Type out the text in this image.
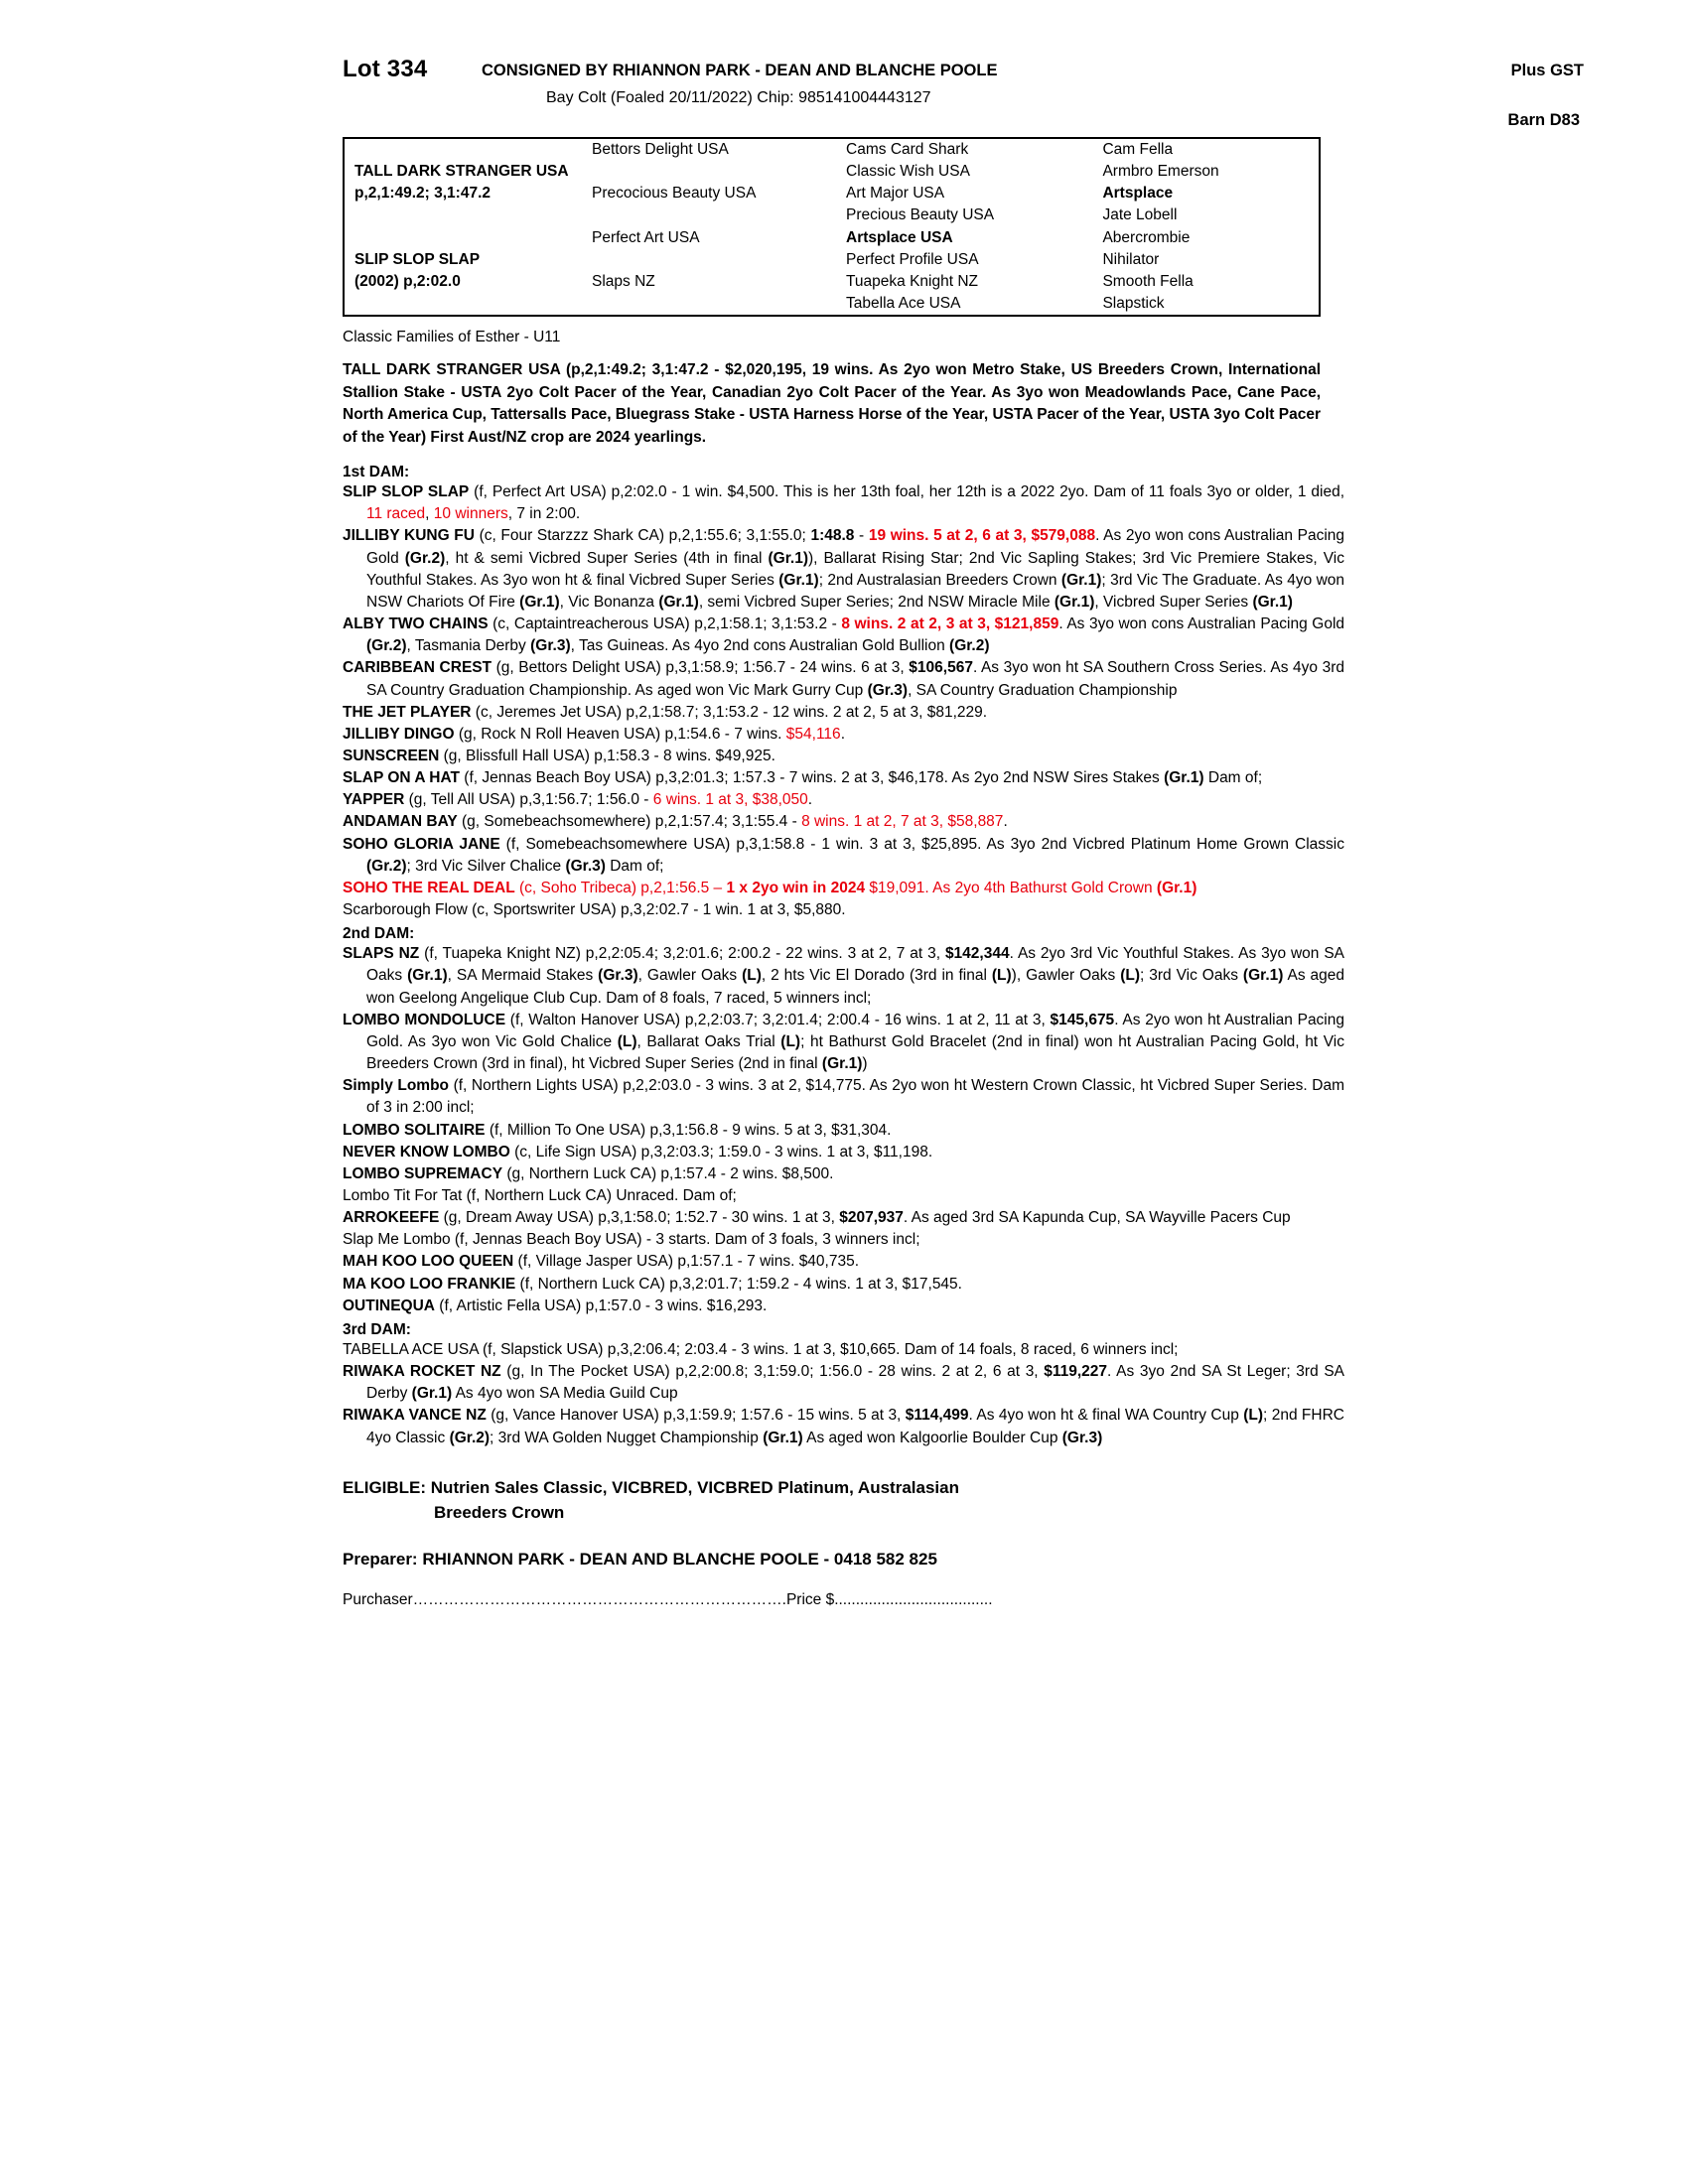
Lot 334	CONSIGNED BY RHIANNON PARK - DEAN AND BLANCHE POOLE	Plus GST
Bay Colt (Foaled 20/11/2022) Chip: 985141004443127
Barn D83
	Bettors Delight USA	Cams Card Shark	Cam Fella
TALL DARK STRANGER USA		Classic Wish USA	Armbro Emerson
p,2,1:49.2; 3,1:47.2	Precocious Beauty USA	Art Major USA	Artsplace
		Precious Beauty USA	Jate Lobell
	Perfect Art USA	Artsplace USA	Abercrombie
SLIP SLOP SLAP		Perfect Profile USA	Nihilator
(2002) p,2:02.0	Slaps NZ	Tuapeka Knight NZ	Smooth Fella
		Tabella Ace USA	Slapstick
Classic Families of Esther - U11
TALL DARK STRANGER USA (p,2,1:49.2; 3,1:47.2 - $2,020,195, 19 wins. As 2yo won Metro Stake, US Breeders Crown, International Stallion Stake - USTA 2yo Colt Pacer of the Year, Canadian 2yo Colt Pacer of the Year. As 3yo won Meadowlands Pace, Cane Pace, North America Cup, Tattersalls Pace, Bluegrass Stake - USTA Harness Horse of the Year, USTA Pacer of the Year, USTA 3yo Colt Pacer of the Year) First Aust/NZ crop are 2024 yearlings.
1st DAM:

SLIP SLOP SLAP (f, Perfect Art USA) p,2:02.0 - 1 win. $4,500. This is her 13th foal, her 12th is a 2022 2yo. Dam of 11 foals 3yo or older, 1 died, 11 raced, 10 winners, 7 in 2:00.

JILLIBY KUNG FU (c, Four Starzzz Shark CA) p,2,1:55.6; 3,1:55.0; 1:48.8 - 19 wins. 5 at 2, 6 at 3, $579,088. As 2yo won cons Australian Pacing Gold (Gr.2), ht & semi Vicbred Super Series (4th in final (Gr.1)), Ballarat Rising Star; 2nd Vic Sapling Stakes; 3rd Vic Premiere Stakes, Vic Youthful Stakes. As 3yo won ht & final Vicbred Super Series (Gr.1); 2nd Australasian Breeders Crown (Gr.1); 3rd Vic The Graduate. As 4yo won NSW Chariots Of Fire (Gr.1), Vic Bonanza (Gr.1), semi Vicbred Super Series; 2nd NSW Miracle Mile (Gr.1), Vicbred Super Series (Gr.1)

ALBY TWO CHAINS (c, Captaintreacherous USA) p,2,1:58.1; 3,1:53.2 - 8 wins. 2 at 2, 3 at 3, $121,859. As 3yo won cons Australian Pacing Gold (Gr.2), Tasmania Derby (Gr.3), Tas Guineas. As 4yo 2nd cons Australian Gold Bullion (Gr.2)

CARIBBEAN CREST (g, Bettors Delight USA) p,3,1:58.9; 1:56.7 - 24 wins. 6 at 3, $106,567. As 3yo won ht SA Southern Cross Series. As 4yo 3rd SA Country Graduation Championship. As aged won Vic Mark Gurry Cup (Gr.3), SA Country Graduation Championship

THE JET PLAYER (c, Jeremes Jet USA) p,2,1:58.7; 3,1:53.2 - 12 wins. 2 at 2, 5 at 3, $81,229.

JILLIBY DINGO (g, Rock N Roll Heaven USA) p,1:54.6 - 7 wins. $54,116.

SUNSCREEN (g, Blissfull Hall USA) p,1:58.3 - 8 wins. $49,925.

SLAP ON A HAT (f, Jennas Beach Boy USA) p,3,2:01.3; 1:57.3 - 7 wins. 2 at 3, $46,178. As 2yo 2nd NSW Sires Stakes (Gr.1) Dam of;

YAPPER (g, Tell All USA) p,3,1:56.7; 1:56.0 - 6 wins. 1 at 3, $38,050.

ANDAMAN BAY (g, Somebeachsomewhere) p,2,1:57.4; 3,1:55.4 - 8 wins. 1 at 2, 7 at 3, $58,887.

SOHO GLORIA JANE (f, Somebeachsomewhere USA) p,3,1:58.8 - 1 win. 3 at 3, $25,895. As 3yo 2nd Vicbred Platinum Home Grown Classic (Gr.2); 3rd Vic Silver Chalice (Gr.3) Dam of;

SOHO THE REAL DEAL (c, Soho Tribeca) p,2,1:56.5 – 1 x 2yo win in 2024 $19,091. As 2yo 4th Bathurst Gold Crown (Gr.1)

Scarborough Flow (c, Sportswriter USA) p,3,2:02.7 - 1 win. 1 at 3, $5,880.

2nd DAM:

SLAPS NZ (f, Tuapeka Knight NZ) p,2,2:05.4; 3,2:01.6; 2:00.2 - 22 wins. 3 at 2, 7 at 3, $142,344. As 2yo 3rd Vic Youthful Stakes. As 3yo won SA Oaks (Gr.1), SA Mermaid Stakes (Gr.3), Gawler Oaks (L), 2 hts Vic El Dorado (3rd in final (L)), Gawler Oaks (L); 3rd Vic Oaks (Gr.1) As aged won Geelong Angelique Club Cup. Dam of 8 foals, 7 raced, 5 winners incl;

LOMBO MONDOLUCE (f, Walton Hanover USA) p,2,2:03.7; 3,2:01.4; 2:00.4 - 16 wins. 1 at 2, 11 at 3, $145,675. As 2yo won ht Australian Pacing Gold. As 3yo won Vic Gold Chalice (L), Ballarat Oaks Trial (L); ht Bathurst Gold Bracelet (2nd in final) won ht Australian Pacing Gold, ht Vic Breeders Crown (3rd in final), ht Vicbred Super Series (2nd in final (Gr.1))

Simply Lombo (f, Northern Lights USA) p,2,2:03.0 - 3 wins. 3 at 2, $14,775. As 2yo won ht Western Crown Classic, ht Vicbred Super Series. Dam of 3 in 2:00 incl;

LOMBO SOLITAIRE (f, Million To One USA) p,3,1:56.8 - 9 wins. 5 at 3, $31,304.

NEVER KNOW LOMBO (c, Life Sign USA) p,3,2:03.3; 1:59.0 - 3 wins. 1 at 3, $11,198.

LOMBO SUPREMACY (g, Northern Luck CA) p,1:57.4 - 2 wins. $8,500.

Lombo Tit For Tat (f, Northern Luck CA) Unraced. Dam of;

ARROKEEFE (g, Dream Away USA) p,3,1:58.0; 1:52.7 - 30 wins. 1 at 3, $207,937. As aged 3rd SA Kapunda Cup, SA Wayville Pacers Cup

Slap Me Lombo (f, Jennas Beach Boy USA) - 3 starts. Dam of 3 foals, 3 winners incl;

MAH KOO LOO QUEEN (f, Village Jasper USA) p,1:57.1 - 7 wins. $40,735.

MA KOO LOO FRANKIE (f, Northern Luck CA) p,3,2:01.7; 1:59.2 - 4 wins. 1 at 3, $17,545.

OUTINEQUA (f, Artistic Fella USA) p,1:57.0 - 3 wins. $16,293.

3rd DAM:

TABELLA ACE USA (f, Slapstick USA) p,3,2:06.4; 2:03.4 - 3 wins. 1 at 3, $10,665. Dam of 14 foals, 8 raced, 6 winners incl;

RIWAKA ROCKET NZ (g, In The Pocket USA) p,2,2:00.8; 3,1:59.0; 1:56.0 - 28 wins. 2 at 2, 6 at 3, $119,227. As 3yo 2nd SA St Leger; 3rd SA Derby (Gr.1) As 4yo won SA Media Guild Cup

RIWAKA VANCE NZ (g, Vance Hanover USA) p,3,1:59.9; 1:57.6 - 15 wins. 5 at 3, $114,499. As 4yo won ht & final WA Country Cup (L); 2nd FHRC 4yo Classic (Gr.2); 3rd WA Golden Nugget Championship (Gr.1) As aged won Kalgoorlie Boulder Cup (Gr.3)

ELIGIBLE: Nutrien Sales Classic, VICBRED, VICBRED Platinum, Australasian
Breeders Crown
Preparer: RHIANNON PARK - DEAN AND BLANCHE POOLE - 0418 582 825
Purchaser……………………………………………………………….Price $.....................................
